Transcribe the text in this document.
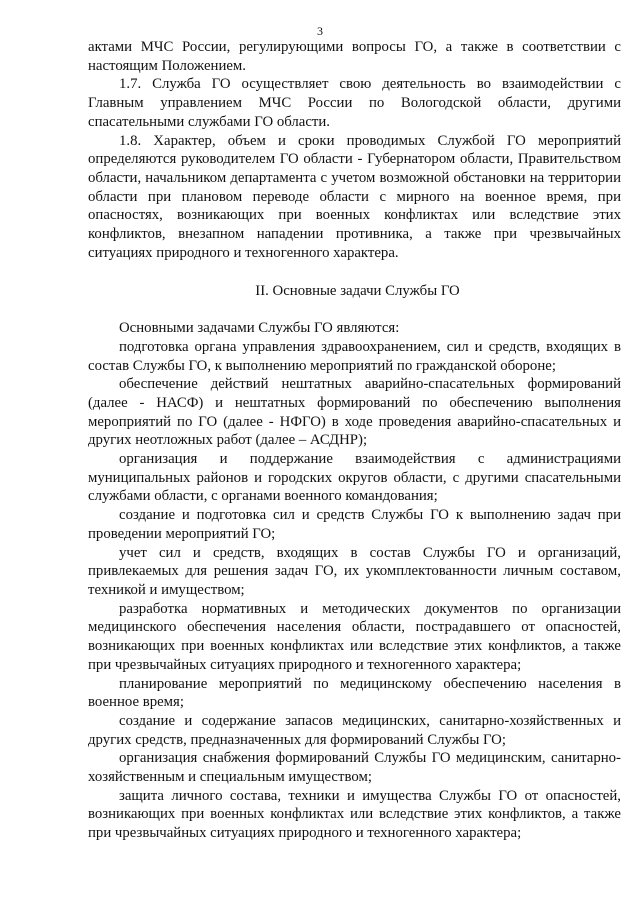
3

актами МЧС России, регулирующими вопросы ГО, а также в соответствии с настоящим Положением.

1.7. Служба ГО осуществляет свою деятельность во взаимодействии с Главным управлением МЧС России по Вологодской области, другими спасательными службами ГО области.

1.8. Характер, объем и сроки проводимых Службой ГО мероприятий определяются руководителем ГО области - Губернатором области, Правительством области, начальником департамента с учетом возможной обстановки на территории области при плановом переводе области с мирного на военное время, при опасностях, возникающих при военных конфликтах или вследствие этих конфликтов, внезапном нападении противника, а также при чрезвычайных ситуациях природного и техногенного характера.

II. Основные задачи Службы ГО

Основными задачами Службы ГО являются:

подготовка органа управления здравоохранением, сил и средств, входящих в состав Службы ГО, к выполнению мероприятий по гражданской обороне;

обеспечение действий нештатных аварийно-спасательных формирований (далее - НАСФ) и нештатных формирований по обеспечению выполнения мероприятий по ГО (далее - НФГО) в ходе проведения аварийно-спасательных и других неотложных работ (далее – АСДНР);

организация и поддержание взаимодействия с администрациями муниципальных районов и городских округов области, с другими спасательными службами области, с органами военного командования;

создание и подготовка сил и средств Службы ГО к выполнению задач при проведении мероприятий ГО;

учет сил и средств, входящих в состав Службы ГО и организаций, привлекаемых для решения задач ГО, их укомплектованности личным составом, техникой и имуществом;

разработка нормативных и методических документов по организации медицинского обеспечения населения области, пострадавшего от опасностей, возникающих при военных конфликтах или вследствие этих конфликтов, а также при чрезвычайных ситуациях природного и техногенного характера;

планирование мероприятий по медицинскому обеспечению населения в военное время;

создание и содержание запасов медицинских, санитарно-хозяйственных и других средств, предназначенных для формирований Службы ГО;

организация снабжения формирований Службы ГО медицинским, санитарно-хозяйственным и специальным имуществом;

защита личного состава, техники и имущества Службы ГО от опасностей, возникающих при военных конфликтах или вследствие этих конфликтов, а также при чрезвычайных ситуациях природного и техногенного характера;
